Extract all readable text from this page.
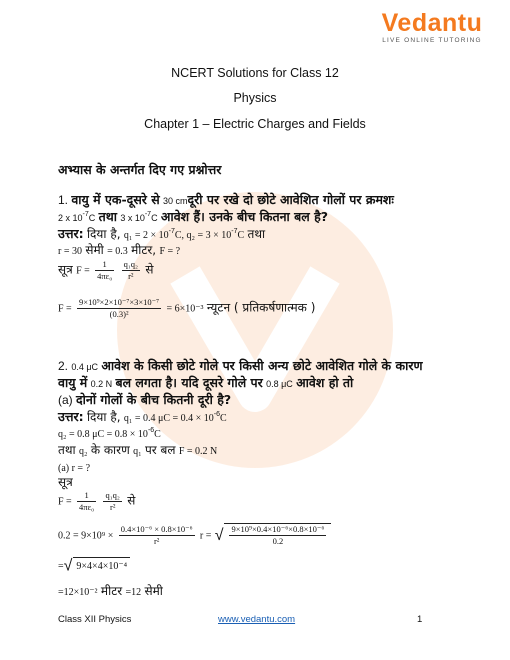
Vedantu
LIVE ONLINE TUTORING
NCERT Solutions for Class 12
Physics
Chapter 1 – Electric Charges and Fields
अभ्यास के अन्तर्गत दिए गए प्रश्नोत्तर
1. वायु में एक-दूसरे से 30 cmदूरी पर रखे दो छोटे आवेशित गोलों पर क्रमशः
2 x $10^{-7}C$ तथा 3 x $10^{-7}C$ आवेश हैं। उनके बीच कितना बल है?
उत्तर: दिया है, $q_1 = 2 \times 10^{-7}C$, $q_2 = 3 \times 10^{-7}C$ तथा
r = 30 सेमी = 0.3 मीटर, F = ?
सूत्र $F = \frac{1}{\text{4πε₀}}$
$\frac{\text{q₁q₂}}{\text{r²}}$ से
$F = \frac{\text{9×10⁹×2×10⁻⁷×3×10⁻⁷}}{\text{(0.3)²}} = 6\times 10^{-3}$ न्यूटन ( प्रतिकर्षणात्मक )
2. 0.4 μC आवेश के किसी छोटे गोले पर किसी अन्य छोटे आवेशित गोले के कारण
वायु में 0.2 N बल लगता है। यदि दूसरे गोले पर 0.8 μC आवेश हो तो
(a) दोनों गोलों के बीच कितनी दूरी है?
उत्तर: दिया है, q₁ = 0.4 $\mu C = 0.4 \times 10^{-6}C$
q₂ = 0.8 $\mu C = 0.8 \times 10^{-6}C$
तथा q₂ के कारण q₁ पर बल F = 0.2 N
(a) r = ?
सूत्र
$F = \frac{1}{\text{4πε₀}}$
$\frac{\text{q₁q₂}}{\text{r²}}$ से
$0.2 = 9\times 10^9 \times \frac{\text{0.4×10⁻⁶ × 0.8×10⁻⁶}}{\text{r²}}$ r = √ $\frac{\text{9×10⁹×0.4×10⁻⁶×0.8×10⁻⁶}}{0.2}$
=√ 9×4×4×10⁻⁴
=12×10⁻² मीटर =12 सेमी
Class XII Physics	www.vedantu.com	1
